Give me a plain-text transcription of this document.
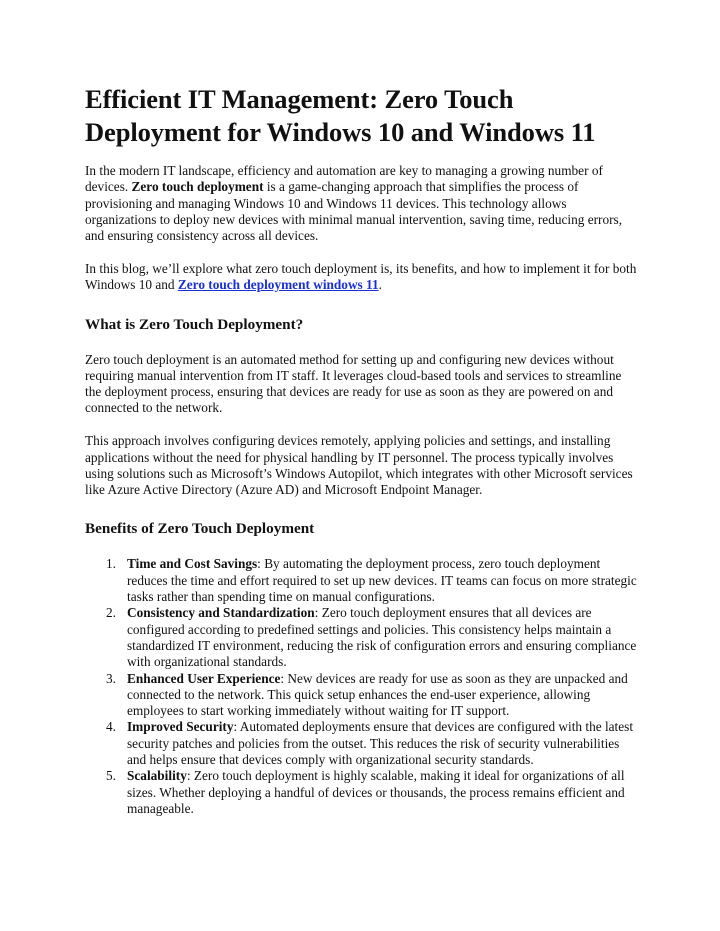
Efficient IT Management: Zero Touch Deployment for Windows 10 and Windows 11

In the modern IT landscape, efficiency and automation are key to managing a growing number of devices. Zero touch deployment is a game-changing approach that simplifies the process of provisioning and managing Windows 10 and Windows 11 devices. This technology allows organizations to deploy new devices with minimal manual intervention, saving time, reducing errors, and ensuring consistency across all devices.

In this blog, we’ll explore what zero touch deployment is, its benefits, and how to implement it for both Windows 10 and Zero touch deployment windows 11.

What is Zero Touch Deployment?

Zero touch deployment is an automated method for setting up and configuring new devices without requiring manual intervention from IT staff. It leverages cloud-based tools and services to streamline the deployment process, ensuring that devices are ready for use as soon as they are powered on and connected to the network.

This approach involves configuring devices remotely, applying policies and settings, and installing applications without the need for physical handling by IT personnel. The process typically involves using solutions such as Microsoft’s Windows Autopilot, which integrates with other Microsoft services like Azure Active Directory (Azure AD) and Microsoft Endpoint Manager.

Benefits of Zero Touch Deployment
1. Time and Cost Savings: By automating the deployment process, zero touch deployment reduces the time and effort required to set up new devices. IT teams can focus on more strategic tasks rather than spending time on manual configurations.
2. Consistency and Standardization: Zero touch deployment ensures that all devices are configured according to predefined settings and policies. This consistency helps maintain a standardized IT environment, reducing the risk of configuration errors and ensuring compliance with organizational standards.
3. Enhanced User Experience: New devices are ready for use as soon as they are unpacked and connected to the network. This quick setup enhances the end-user experience, allowing employees to start working immediately without waiting for IT support.
4. Improved Security: Automated deployments ensure that devices are configured with the latest security patches and policies from the outset. This reduces the risk of security vulnerabilities and helps ensure that devices comply with organizational security standards.
5. Scalability: Zero touch deployment is highly scalable, making it ideal for organizations of all sizes. Whether deploying a handful of devices or thousands, the process remains efficient and manageable.
